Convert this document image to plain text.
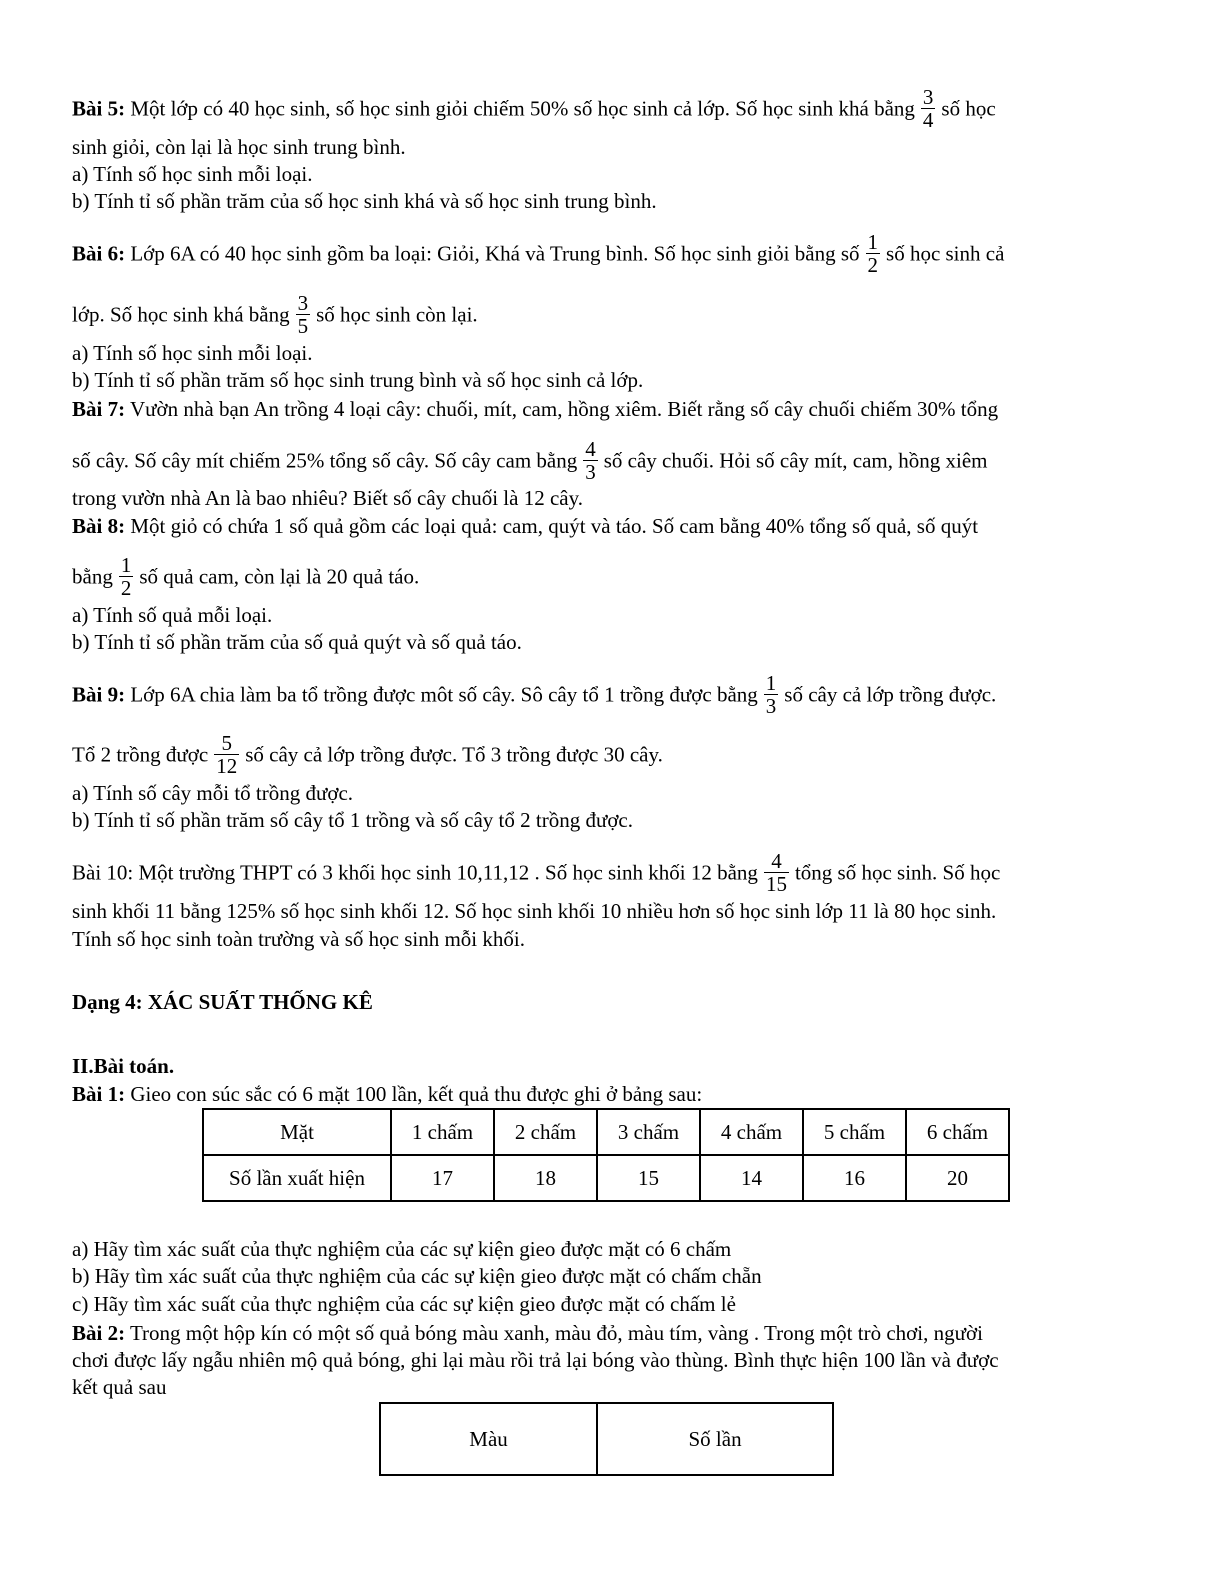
Bài 5: Một lớp có 40 học sinh, số học sinh giỏi chiếm 50% số học sinh cả lớp. Số học sinh khá bằng $\frac{3}{4}$ số học
sinh giỏi, còn lại là học sinh trung bình.
a) Tính số học sinh mỗi loại.
b) Tính tỉ số phần trăm của số học sinh khá và số học sinh trung bình.
Bài 6: Lớp 6A có 40 học sinh gồm ba loại: Giỏi, Khá và Trung bình. Số học sinh giỏi bằng số $\frac{1}{2}$ số học sinh cả
lớp. Số học sinh khá bằng $\frac{3}{5}$ số học sinh còn lại.
a) Tính số học sinh mỗi loại.
b) Tính tỉ số phần trăm số học sinh trung bình và số học sinh cả lớp.
Bài 7: Vườn nhà bạn An trồng 4 loại cây: chuối, mít, cam, hồng xiêm. Biết rằng số cây chuối chiếm 30% tổng
số cây. Số cây mít chiếm 25% tổng số cây. Số cây cam bằng $\frac{4}{3}$ số cây chuối. Hỏi số cây mít, cam, hồng xiêm
trong vườn nhà An là bao nhiêu? Biết số cây chuối là 12 cây.
Bài 8: Một giỏ có chứa 1 số quả gồm các loại quả: cam, quýt và táo. Số cam bằng 40% tổng số quả, số quýt
bằng $\frac{1}{2}$ số quả cam, còn lại là 20 quả táo.
a) Tính số quả mỗi loại.
b) Tính tỉ số phần trăm của số quả quýt và số quả táo.
Bài 9: Lớp 6A chia làm ba tổ trồng được môt số cây. Sô cây tổ 1 trồng được bằng $\frac{1}{3}$ số cây cả lớp trồng được.
Tổ 2 trồng được $\frac{5}{12}$ số cây cả lớp trồng được. Tổ 3 trồng được 30 cây.
a) Tính số cây mỗi tổ trồng được.
b) Tính tỉ số phần trăm số cây tổ 1 trồng và số cây tổ 2 trồng được.
Bài 10: Một trường THPT có 3 khối học sinh 10,11,12 . Số học sinh khối 12 bằng $\frac{4}{15}$ tổng số học sinh. Số học
sinh khối 11 bằng 125% số học sinh khối 12. Số học sinh khối 10 nhiều hơn số học sinh lớp 11 là 80 học sinh.
Tính số học sinh toàn trường và số học sinh mỗi khối.
Dạng 4: XÁC SUẤT THỐNG KÊ
II.Bài toán.
Bài 1: Gieo con súc sắc có 6 mặt 100 lần, kết quả thu được ghi ở bảng sau:
Mặt	1 chấm	2 chấm	3 chấm	4 chấm	5 chấm	6 chấm
Số lần xuất hiện	17	18	15	14	16	20
a) Hãy tìm xác suất của thực nghiệm của các sự kiện gieo được mặt có 6 chấm
b) Hãy tìm xác suất của thực nghiệm của các sự kiện gieo được mặt có chấm chẵn
c) Hãy tìm xác suất của thực nghiệm của các sự kiện gieo được mặt có chấm lẻ
Bài 2: Trong một hộp kín có một số quả bóng màu xanh, màu đỏ, màu tím, vàng . Trong một trò chơi, người
chơi được lấy ngẫu nhiên mộ quả bóng, ghi lại màu rồi trả lại bóng vào thùng. Bình thực hiện 100 lần và được
kết quả sau
Màu	Số lần
